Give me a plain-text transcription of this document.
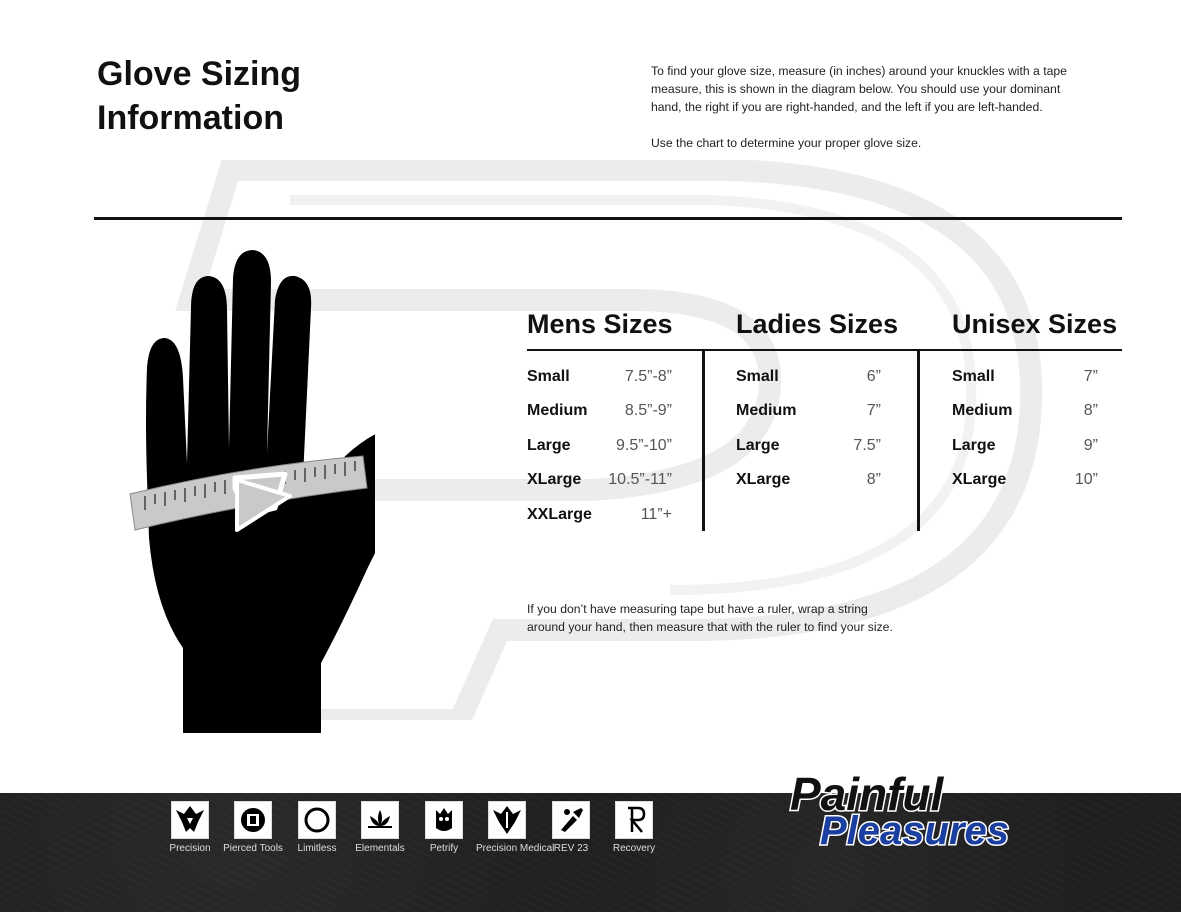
Glove Sizing
Information

To find your glove size, measure (in inches) around your knuckles with a tape measure, this is shown in the diagram below. You should use your dominant hand, the right if you are right-handed, and the left if you are left-handed.

Use the chart to determine your proper glove size.

Mens Sizes Ladies Sizes Unisex Sizes
Small	7.5”-8”
Medium	8.5”-9”
Large	9.5”-10”
XLarge	10.5”-11”
XXLarge	11”+
Small	6”
Medium	7”
Large	7.5”
XLarge	8”
Small	7”
Medium	8”
Large	9”
XLarge	10”
If you don’t have measuring tape but have a ruler, wrap a string
around your hand, then measure that with the ruler to find your size.
Precision	Pierced Tools	Limitless	Elementals	Petrify	Precision Medical REV 23	Recovery
Painful
Pleasures
